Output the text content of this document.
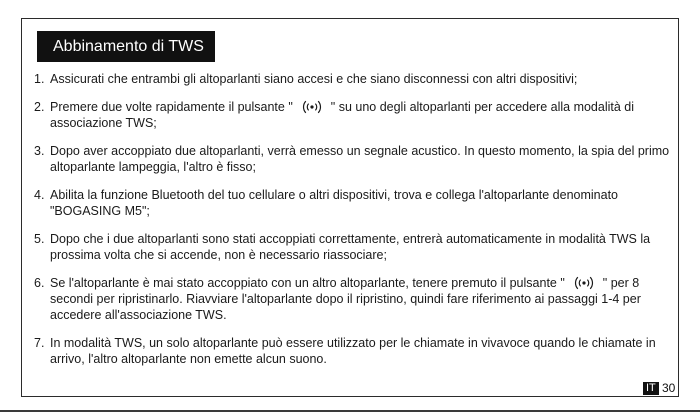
Abbinamento di TWS
1. Assicurati che entrambi gli altoparlanti siano accesi e che siano disconnessi con altri dispositivi;
2. Premere due volte rapidamente il pulsante "	" su uno degli altoparlanti per accedere alla modalità di associazione TWS;
3. Dopo aver accoppiato due altoparlanti, verrà emesso un segnale acustico. In questo momento, la spia del primo altoparlante lampeggia, l'altro è fisso;
4. Abilita la funzione Bluetooth del tuo cellulare o altri dispositivi, trova e collega l'altoparlante denominato "BOGASING M5";
5. Dopo che i due altoparlanti sono stati accoppiati correttamente, entrerà automaticamente in modalità TWS la prossima volta che si accende, non è necessario riassociare;
6. Se l'altoparlante è mai stato accoppiato con un altro altoparlante, tenere premuto il pulsante "	" per 8 secondi per ripristinarlo. Riavviare l'altoparlante dopo il ripristino, quindi fare riferimento ai passaggi 1-4 per accedere all'associazione TWS.
7. In modalità TWS, un solo altoparlante può essere utilizzato per le chiamate in vivavoce quando le chiamate in arrivo, l'altro altoparlante non emette alcun suono.
IT 30
